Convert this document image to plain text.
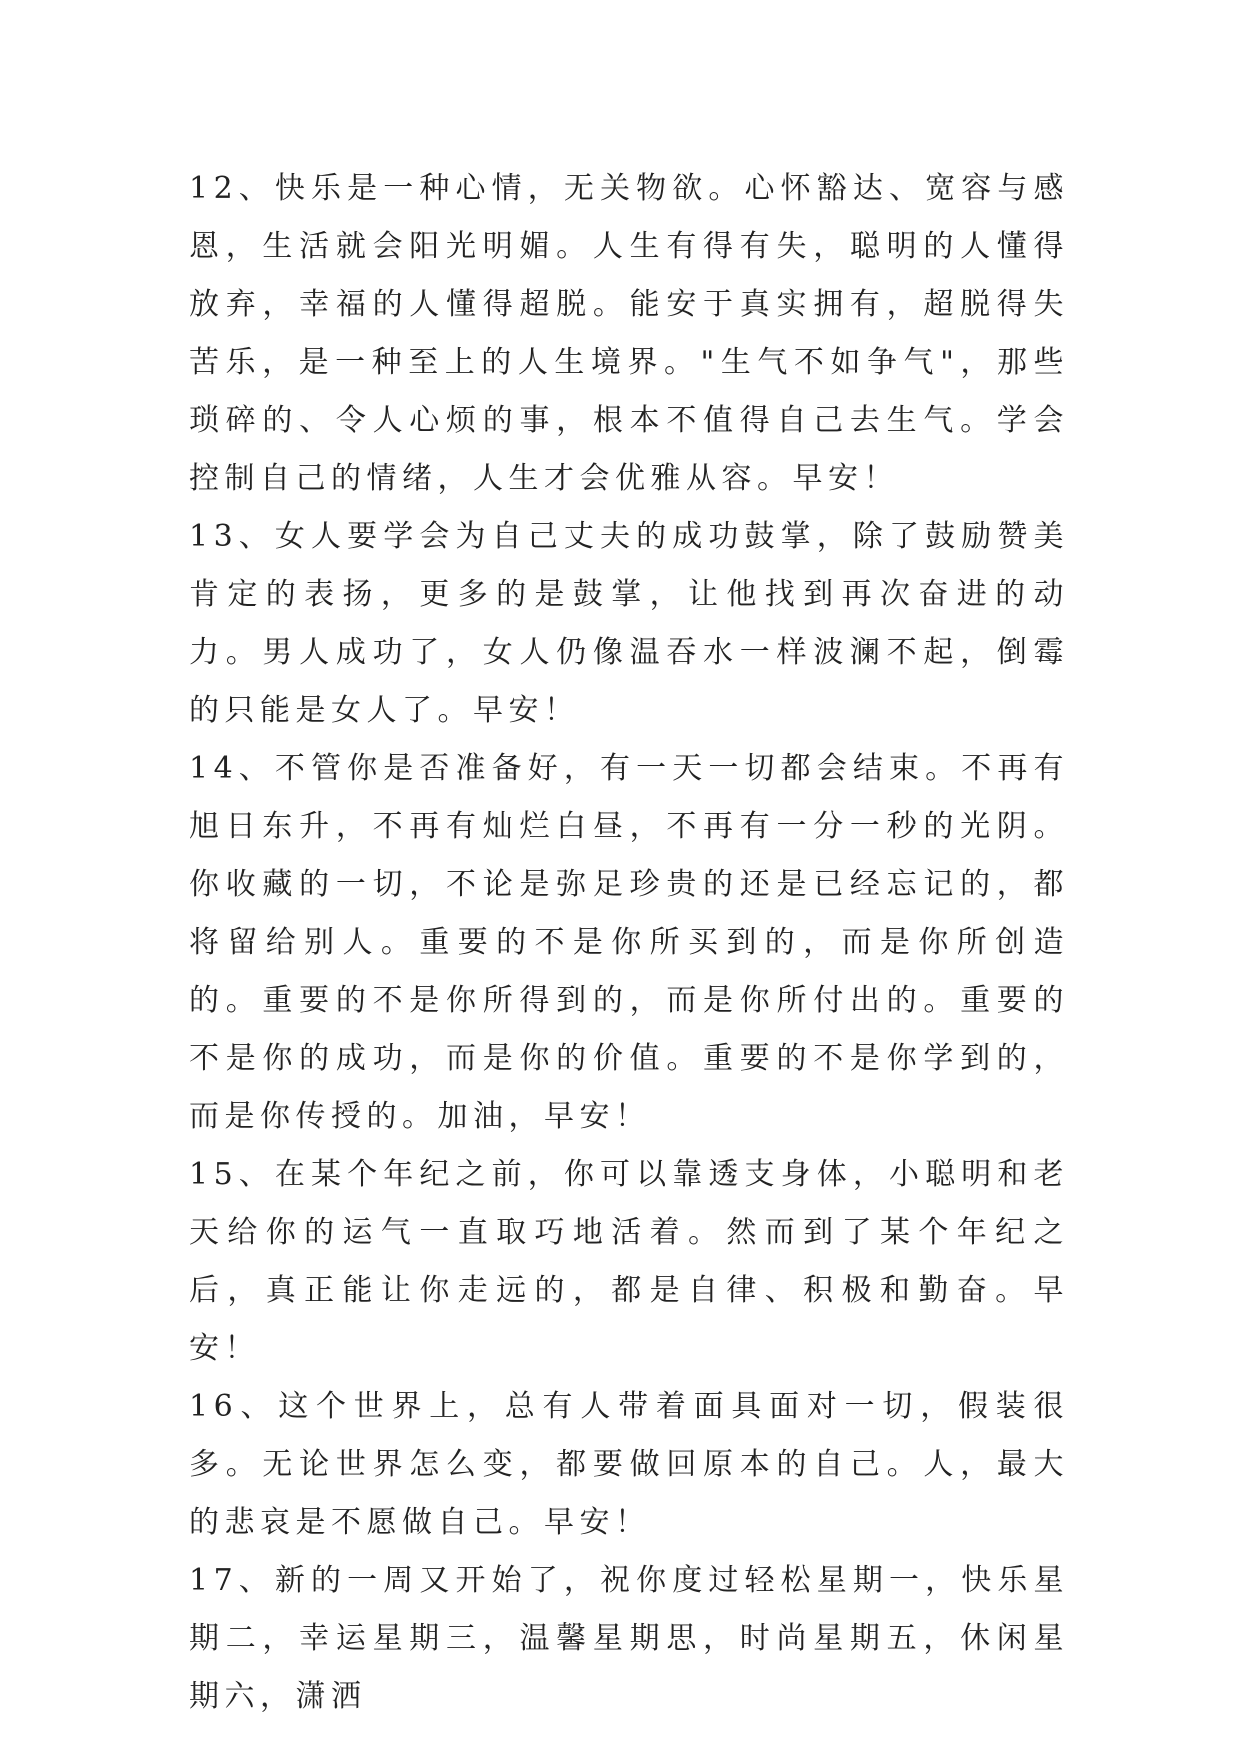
12、快乐是一种心情，无关物欲。心怀豁达、宽容与感恩，生活就会阳光明媚。人生有得有失，聪明的人懂得放弃，幸福的人懂得超脱。能安于真实拥有，超脱得失苦乐，是一种至上的人生境界。"生气不如争气"，那些琐碎的、令人心烦的事，根本不值得自己去生气。学会控制自己的情绪，人生才会优雅从容。早安！

13、女人要学会为自己丈夫的成功鼓掌，除了鼓励赞美肯定的表扬，更多的是鼓掌，让他找到再次奋进的动力。男人成功了，女人仍像温吞水一样波澜不起，倒霉的只能是女人了。早安！

14、不管你是否准备好，有一天一切都会结束。不再有旭日东升，不再有灿烂白昼，不再有一分一秒的光阴。你收藏的一切，不论是弥足珍贵的还是已经忘记的，都将留给别人。重要的不是你所买到的，而是你所创造的。重要的不是你所得到的，而是你所付出的。重要的不是你的成功，而是你的价值。重要的不是你学到的，而是你传授的。加油，早安！

15、在某个年纪之前，你可以靠透支身体，小聪明和老天给你的运气一直取巧地活着。然而到了某个年纪之后，真正能让你走远的，都是自律、积极和勤奋。早安！

16、这个世界上，总有人带着面具面对一切，假装很多。无论世界怎么变，都要做回原本的自己。人，最大的悲哀是不愿做自己。早安！

17、新的一周又开始了，祝你度过轻松星期一，快乐星期二，幸运星期三，温馨星期思，时尚星期五，休闲星期六，潇洒
